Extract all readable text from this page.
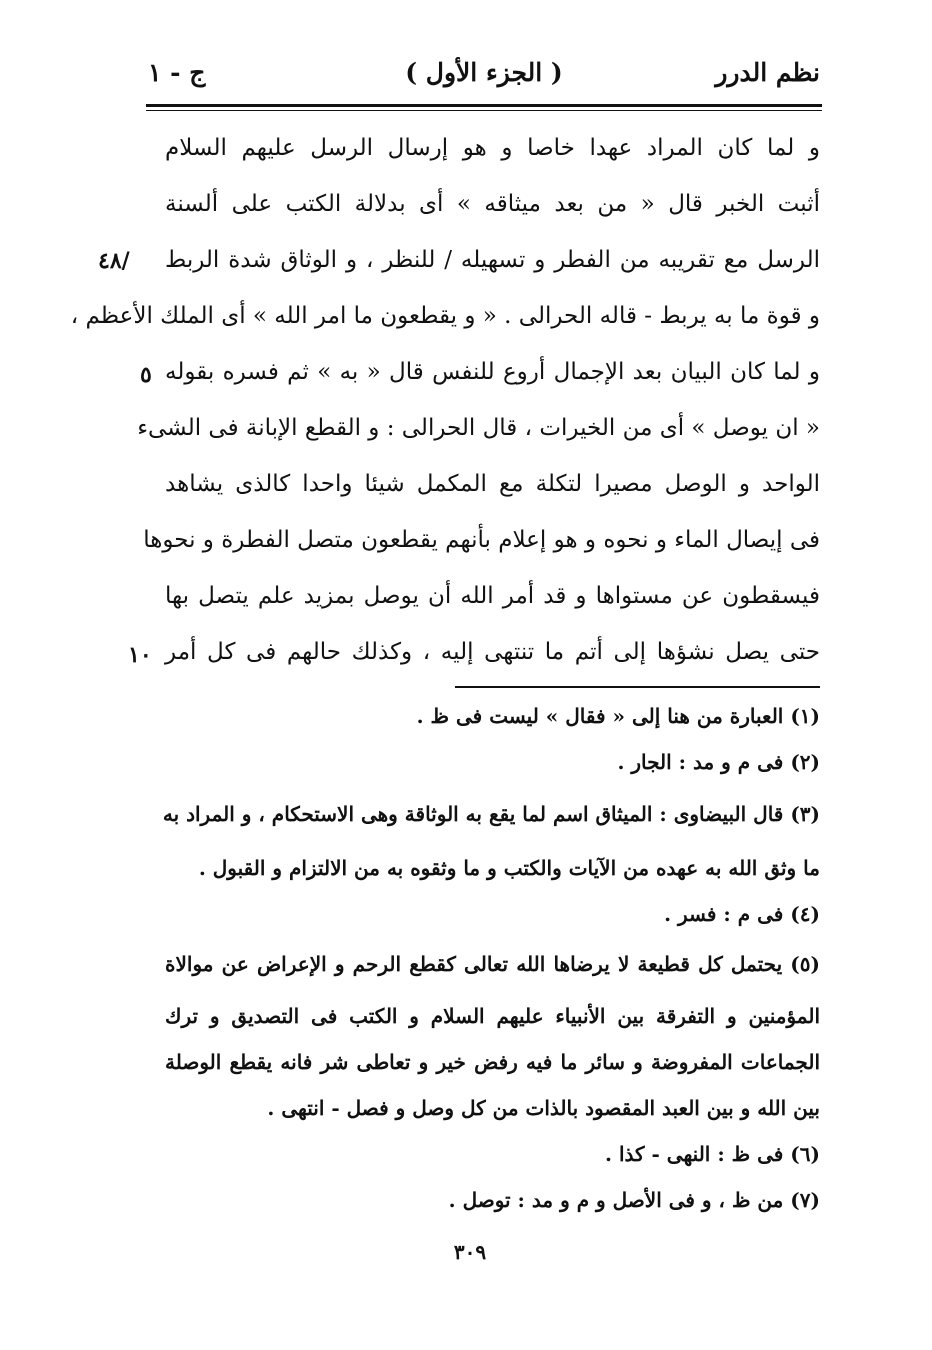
نظم الدرر
( الجزء الأول )
ج - ١
و لما كان المراد عهدا خاصا و هو إرسال الرسل عليهم السلام
أثبت الخبر قال « من بعد ميثاقه » أى بدلالة الكتب على ألسنة
الرسل مع تقريبه من الفطر و تسهيله / للنظر ، و الوثاق شدة الربط
و قوة ما به يربط - قاله الحرالى . « و يقطعون ما امر الله » أى الملك الأعظم ،
و لما كان البيان بعد الإجمال أروع للنفس قال « به » ثم فسره بقوله
« ان يوصل » أى من الخيرات ، قال الحرالى : و القطع الإبانة فى الشىء
الواحد و الوصل مصيرا لتكلة مع المكمل شيئا واحدا كالذى يشاهد
فى إيصال الماء و نحوه و هو إعلام بأنهم يقطعون متصل الفطرة و نحوها
فيسقطون عن مستواها و قد أمر الله أن يوصل بمزيد علم يتصل بها
حتى يصل نشؤها إلى أتم ما تنتهى إليه ، وكذلك حالهم فى كل أمر
٤٨/
٥
١٠
(١) العبارة من هنا إلى « فقال » ليست فى ظ .
(٢) فى م و مد : الجار .
(٣) قال البيضاوى : الميثاق اسم لما يقع به الوثاقة وهى الاستحكام ، و المراد به
ما وثق الله به عهده من الآيات والكتب و ما وثقوه به من الالتزام و القبول .
(٤) فى م : فسر .
(٥) يحتمل كل قطيعة لا يرضاها الله تعالى كقطع الرحم و الإعراض عن موالاة
المؤمنين و التفرقة بين الأنبياء عليهم السلام و الكتب فى التصديق و ترك
الجماعات المفروضة و سائر ما فيه رفض خير و تعاطى شر فانه يقطع الوصلة
بين الله و بين العبد المقصود بالذات من كل وصل و فصل - انتهى .
(٦) فى ظ : النهى - كذا .
(٧) من ظ ، و فى الأصل و م و مد : توصل .
٣٠٩
